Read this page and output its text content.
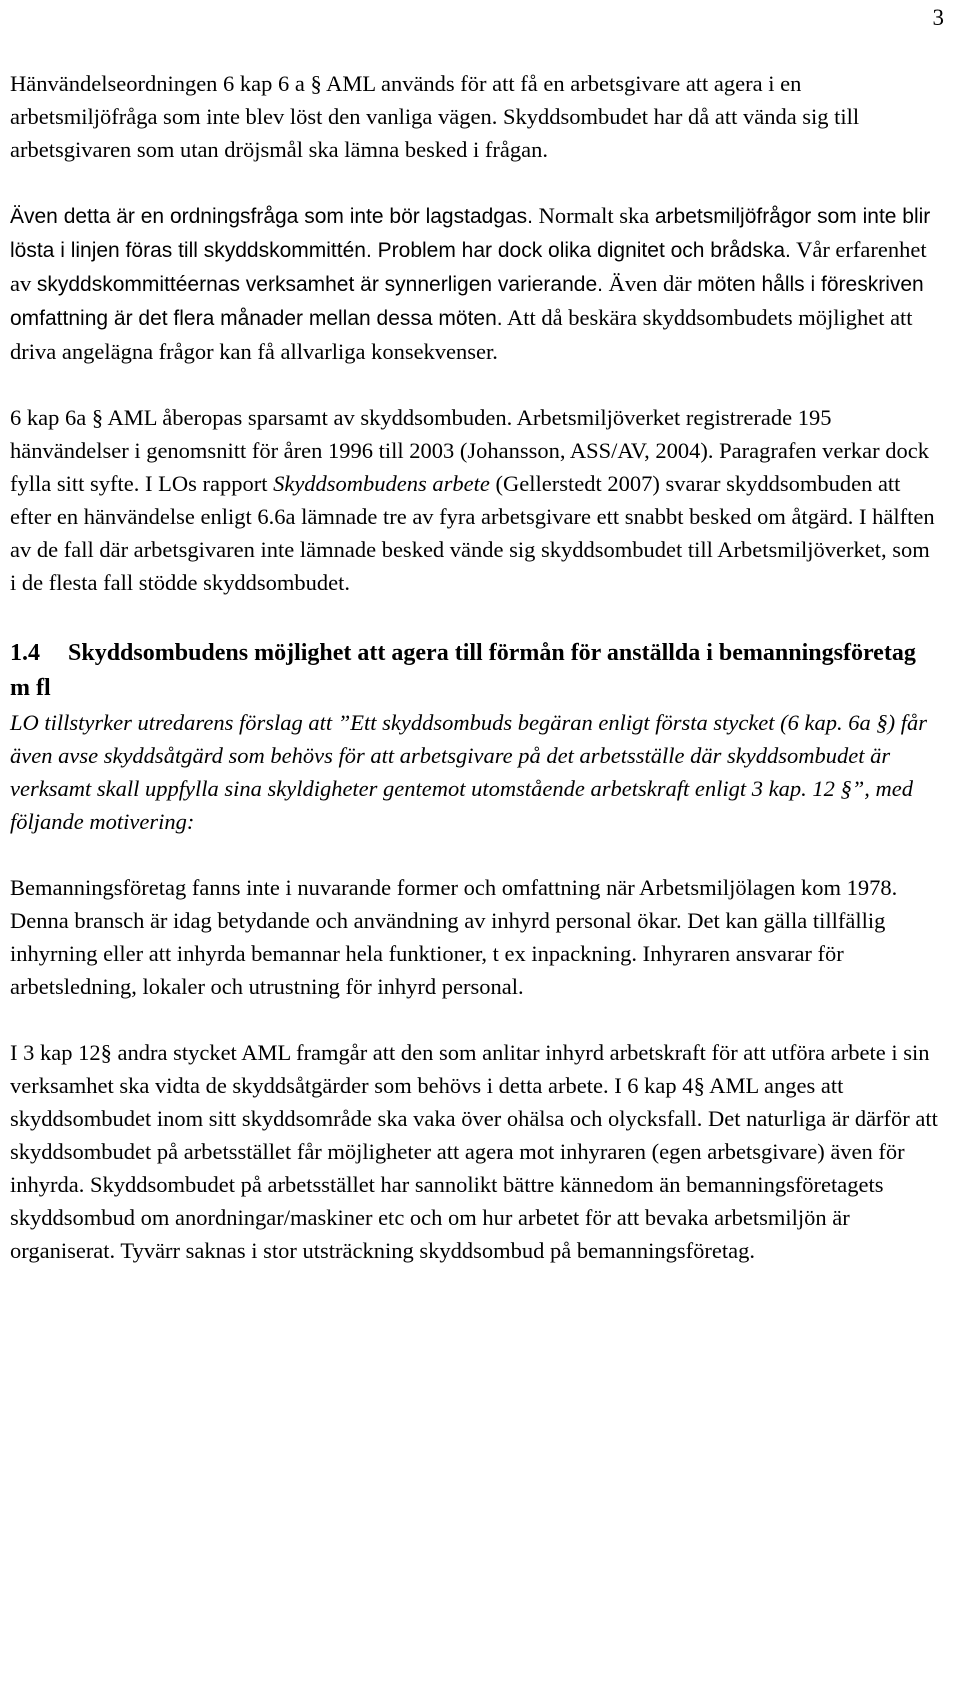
3

Hänvändelseordningen 6 kap 6 a § AML används för att få en arbetsgivare att agera i en arbetsmiljöfråga som inte blev löst den vanliga vägen. Skyddsombudet har då att vända sig till arbetsgivaren som utan dröjsmål ska lämna besked i frågan.

Även detta är en ordningsfråga som inte bör lagstadgas. Normalt ska arbetsmiljöfrågor som inte blir lösta i linjen föras till skyddskommittén. Problem har dock olika dignitet och brådska. Vår erfarenhet av skyddskommittéernas verksamhet är synnerligen varierande. Även där möten hålls i föreskriven omfattning är det flera månader mellan dessa möten. Att då beskära skyddsombudets möjlighet att driva angelägna frågor kan få allvarliga konsekvenser.

6 kap 6a § AML åberopas sparsamt av skyddsombuden. Arbetsmiljöverket registrerade 195 hänvändelser i genomsnitt för åren 1996 till 2003 (Johansson, ASS/AV, 2004). Paragrafen verkar dock fylla sitt syfte. I LOs rapport Skyddsombudens arbete (Gellerstedt 2007) svarar skyddsombuden att efter en hänvändelse enligt 6.6a lämnade tre av fyra arbetsgivare ett snabbt besked om åtgärd. I hälften av de fall där arbetsgivaren inte lämnade besked vände sig skyddsombudet till Arbetsmiljöverket, som i de flesta fall stödde skyddsombudet.

1.4 Skyddsombudens möjlighet att agera till förmån för anställda i bemanningsföretag m fl

LO tillstyrker utredarens förslag att ”Ett skyddsombuds begäran enligt första stycket (6 kap. 6a §) får även avse skyddsåtgärd som behövs för att arbetsgivare på det arbetsställe där skyddsombudet är verksamt skall uppfylla sina skyldigheter gentemot utomstående arbetskraft enligt 3 kap. 12 §”, med följande motivering:

Bemanningsföretag fanns inte i nuvarande former och omfattning när Arbetsmiljölagen kom 1978. Denna bransch är idag betydande och användning av inhyrd personal ökar. Det kan gälla tillfällig inhyrning eller att inhyrda bemannar hela funktioner, t ex inpackning. Inhyraren ansvarar för arbetsledning, lokaler och utrustning för inhyrd personal.

I 3 kap 12§ andra stycket AML framgår att den som anlitar inhyrd arbetskraft för att utföra arbete i sin verksamhet ska vidta de skyddsåtgärder som behövs i detta arbete. I 6 kap 4§ AML anges att skyddsombudet inom sitt skyddsområde ska vaka över ohälsa och olycksfall. Det naturliga är därför att skyddsombudet på arbetsstället får möjligheter att agera mot inhyraren (egen arbetsgivare) även för inhyrda. Skyddsombudet på arbetsstället har sannolikt bättre kännedom än bemanningsföretagets skyddsombud om anordningar/maskiner etc och om hur arbetet för att bevaka arbetsmiljön är organiserat. Tyvärr saknas i stor utsträckning skyddsombud på bemanningsföretag.
